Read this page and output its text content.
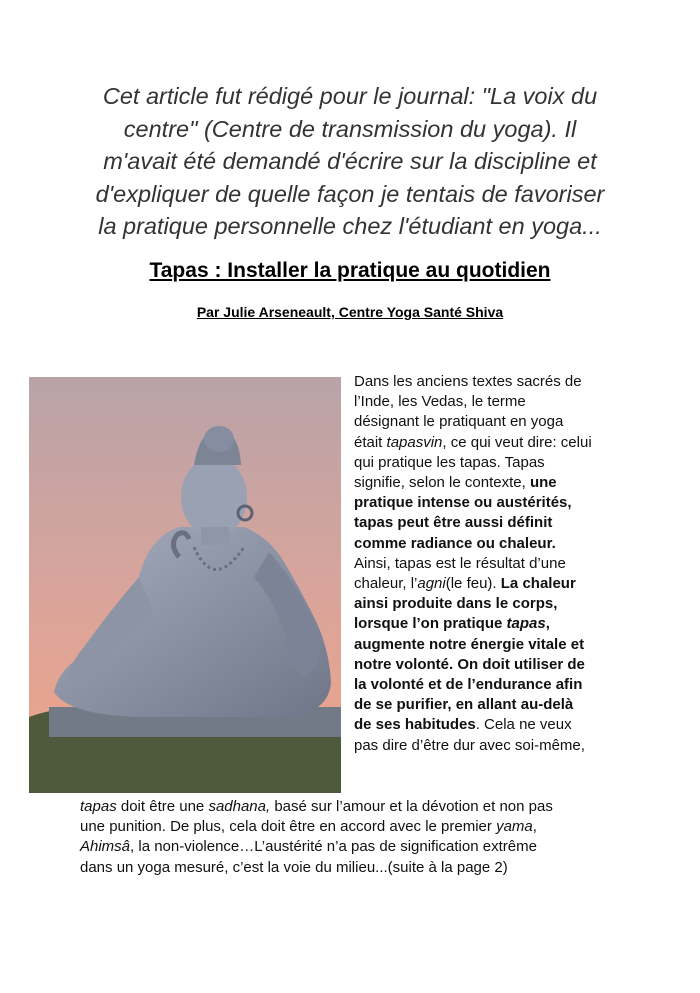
Cet article fut rédigé pour le journal: "La voix du
centre" (Centre de transmission du yoga). Il
m'avait été demandé d'écrire sur la discipline et
d'expliquer de quelle façon je tentais de favoriser
la pratique personnelle chez l'étudiant en yoga...
Tapas : Installer la pratique au quotidien
Par Julie Arseneault, Centre Yoga Santé Shiva

Dans les anciens textes sacrés de

l’Inde, les Vedas, le terme

désignant le pratiquant en yoga

était tapasvin, ce qui veut dire: celui

qui pratique les tapas. Tapas

signifie, selon le contexte, une

pratique intense ou austérités,

tapas peut être aussi définit

comme radiance ou chaleur.

Ainsi, tapas est le résultat d’une

chaleur, l’agni(le feu). La chaleur

ainsi produite dans le corps,

lorsque l’on pratique tapas,

augmente notre énergie vitale et

notre volonté. On doit utiliser de

la volonté et de l’endurance afin

de se purifier, en allant au-delà

de ses habitudes. Cela ne veux

pas dire d’être dur avec soi-même,

tapas doit être une sadhana, basé sur l’amour et la dévotion et non pas

une punition. De plus, cela doit être en accord avec le premier yama,

Ahimsâ, la non-violence…L’austérité n’a pas de signification extrême

dans un yoga mesuré, c’est la voie du milieu...(suite à la page 2)
